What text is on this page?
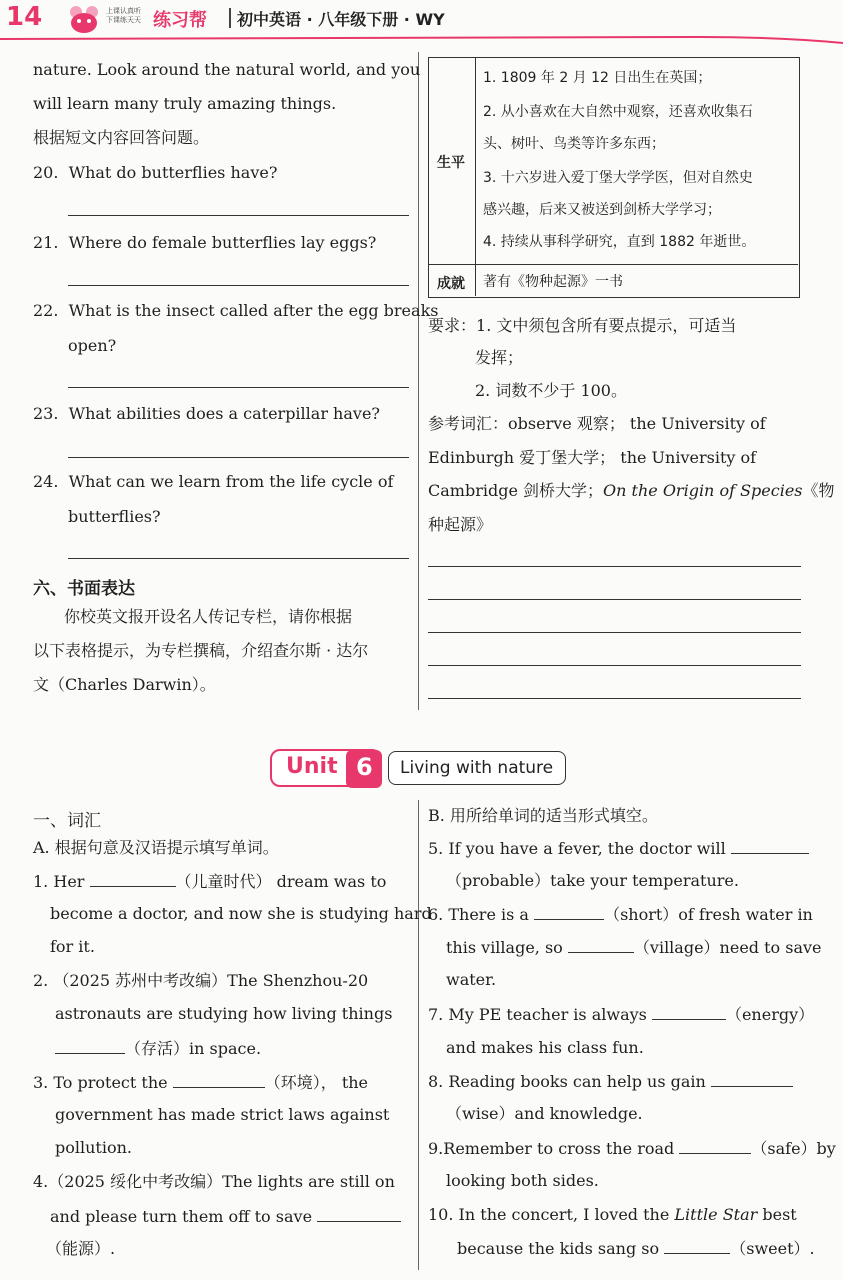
14	上课认真听
下课练天天 练习帮 初中英语 · 八年级下册 · WY
nature. Look around the natural world, and you
will learn many truly amazing things.
根据短文内容回答问题。
20. What do butterflies have?
21. Where do female butterflies lay eggs?
22. What is the insect called after the egg breaks
open?
23. What abilities does a caterpillar have?
24. What can we learn from the life cycle of
butterflies?
六、书面表达
你校英文报开设名人传记专栏，请你根据
以下表格提示，为专栏撰稿，介绍查尔斯 · 达尔
文（Charles Darwin）。
生平
1. 1809 年 2 月 12 日出生在英国；
2. 从小喜欢在大自然中观察，还喜欢收集石
头、树叶、鸟类等许多东西；
3. 十六岁进入爱丁堡大学学医，但对自然史
感兴趣，后来又被送到剑桥大学学习；
4. 持续从事科学研究，直到 1882 年逝世。
成就 著有《物种起源》一书
要求：1. 文中须包含所有要点提示，可适当
发挥；
2. 词数不少于 100。
参考词汇：observe 观察； the University of
Edinburgh 爱丁堡大学； the University of
Cambridge 剑桥大学；On the Origin of Species《物
种起源》
Unit 6 Living with nature
一、词汇
A. 根据句意及汉语提示填写单词。
1. Her	（儿童时代） dream was to
become a doctor, and now she is studying hard
for it.
2. （2025 苏州中考改编）The Shenzhou-20
astronauts are studying how living things
（存活）in space.
3. To protect the	（环境）， the
government has made strict laws against
pollution.
4.（2025 绥化中考改编）The lights are still on
and please turn them off to save
（能源）.
B. 用所给单词的适当形式填空。
5. If you have a fever, the doctor will
（probable）take your temperature.
6. There is a	（short）of fresh water in
this village, so	（village）need to save
water.
7. My PE teacher is always	（energy）
and makes his class fun.
8. Reading books can help us gain
（wise）and knowledge.
9.Remember to cross the road	（safe）by
looking both sides.
10. In the concert, I loved the Little Star best
because the kids sang so	（sweet）.
